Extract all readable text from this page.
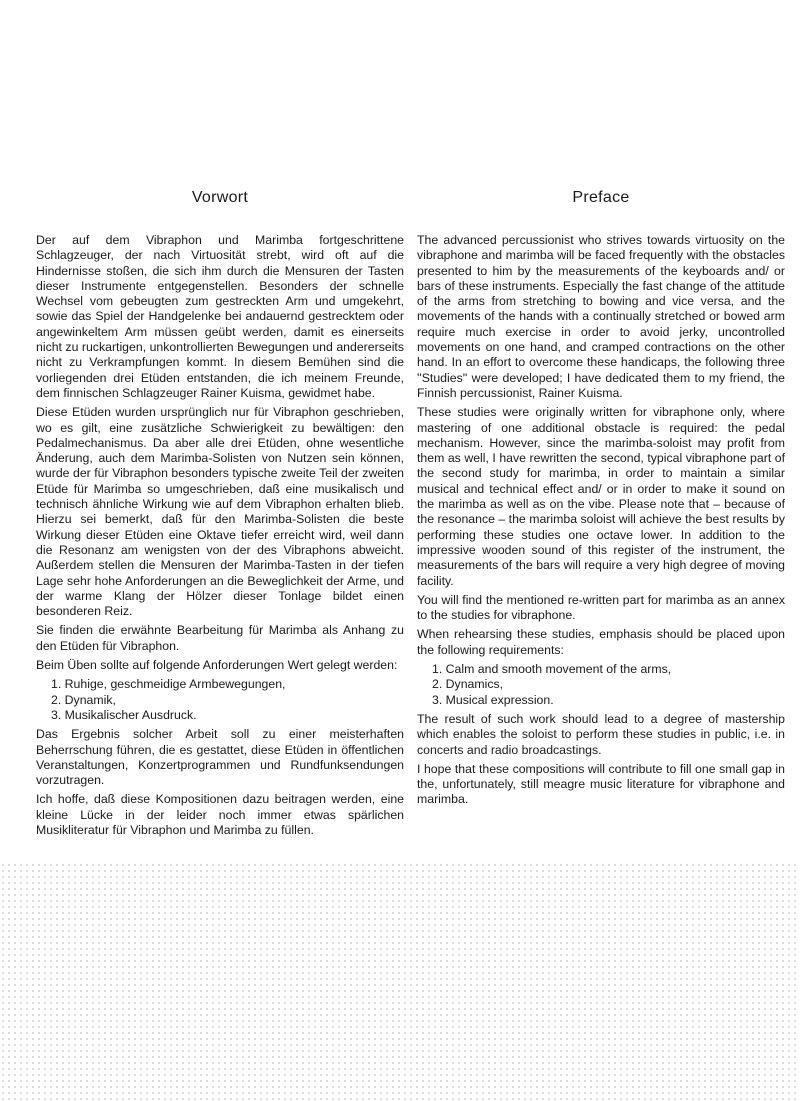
Vorwort

Der auf dem Vibraphon und Marimba fortgeschrittene Schlagzeuger, der nach Virtuosität strebt, wird oft auf die Hindernisse stoßen, die sich ihm durch die Mensuren der Tasten dieser Instrumente entgegenstellen. Besonders der schnelle Wechsel vom gebeugten zum gestreckten Arm und umgekehrt, sowie das Spiel der Handgelenke bei andauernd gestrecktem oder angewinkeltem Arm müssen geübt werden, damit es einerseits nicht zu ruckartigen, unkontrollierten Bewegungen und andererseits nicht zu Verkrampfungen kommt. In diesem Bemühen sind die vorliegenden drei Etüden entstanden, die ich meinem Freunde, dem finnischen Schlagzeuger Rainer Kuisma, gewidmet habe.

Diese Etüden wurden ursprünglich nur für Vibraphon geschrieben, wo es gilt, eine zusätzliche Schwierigkeit zu bewältigen: den Pedalmechanismus. Da aber alle drei Etüden, ohne wesentliche Änderung, auch dem Marimba-Solisten von Nutzen sein können, wurde der für Vibraphon besonders typische zweite Teil der zweiten Etüde für Marimba so umgeschrieben, daß eine musikalisch und technisch ähnliche Wirkung wie auf dem Vibraphon erhalten blieb. Hierzu sei bemerkt, daß für den Marimba-Solisten die beste Wirkung dieser Etüden eine Oktave tiefer erreicht wird, weil dann die Resonanz am wenigsten von der des Vibraphons abweicht. Außerdem stellen die Mensuren der Marimba-Tasten in der tiefen Lage sehr hohe Anforderungen an die Beweglichkeit der Arme, und der warme Klang der Hölzer dieser Tonlage bildet einen besonderen Reiz.

Sie finden die erwähnte Bearbeitung für Marimba als Anhang zu den Etüden für Vibraphon.

Beim Üben sollte auf folgende Anforderungen Wert gelegt werden:

1. Ruhige, geschmeidige Armbewegungen,
2. Dynamik,
3. Musikalischer Ausdruck.

Das Ergebnis solcher Arbeit soll zu einer meisterhaften Beherrschung führen, die es gestattet, diese Etüden in öffentlichen Veranstaltungen, Konzertprogrammen und Rundfunksendungen vorzutragen.

Ich hoffe, daß diese Kompositionen dazu beitragen werden, eine kleine Lücke in der leider noch immer etwas spärlichen Musikliteratur für Vibraphon und Marimba zu füllen.

Preface

The advanced percussionist who strives towards virtuosity on the vibraphone and marimba will be faced frequently with the obstacles presented to him by the measurements of the keyboards and/ or bars of these instruments. Especially the fast change of the attitude of the arms from stretching to bowing and vice versa, and the movements of the hands with a continually stretched or bowed arm require much exercise in order to avoid jerky, uncontrolled movements on one hand, and cramped contractions on the other hand. In an effort to overcome these handicaps, the following three ''Studies'' were developed; I have dedicated them to my friend, the Finnish percussionist, Rainer Kuisma.

These studies were originally written for vibraphone only, where mastering of one additional obstacle is required: the pedal mechanism. However, since the marimba-soloist may profit from them as well, I have rewritten the second, typical vibraphone part of the second study for marimba, in order to maintain a similar musical and technical effect and/ or in order to make it sound on the marimba as well as on the vibe. Please note that – because of the resonance – the marimba soloist will achieve the best results by performing these studies one octave lower. In addition to the impressive wooden sound of this register of the instrument, the measurements of the bars will require a very high degree of moving facility.

You will find the mentioned re-written part for marimba as an annex to the studies for vibraphone.

When rehearsing these studies, emphasis should be placed upon the following requirements:

1. Calm and smooth movement of the arms,
2. Dynamics,
3. Musical expression.

The result of such work should lead to a degree of mastership which enables the soloist to perform these studies in public, i.e. in concerts and radio broadcastings.

I hope that these compositions will contribute to fill one small gap in the, unfortunately, still meagre music literature for vibraphone and marimba.
